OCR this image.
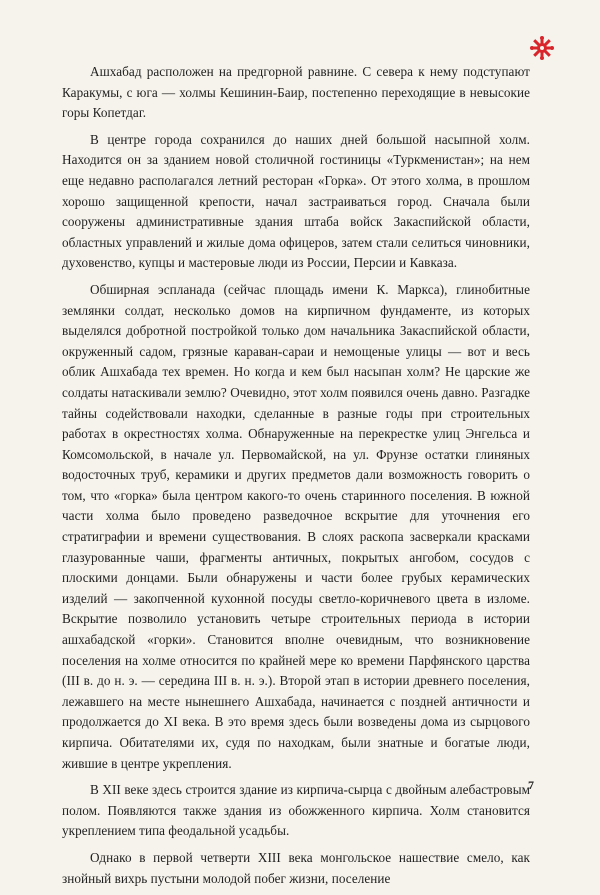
Ашхабад расположен на предгорной равнине. С севера к нему подступают Каракумы, с юга — холмы Кешинин-Баир, постепенно переходящие в невысокие горы Копетдаг.

В центре города сохранился до наших дней большой насыпной холм. Находится он за зданием новой столичной гостиницы «Туркменистан»; на нем еще недавно располагался летний ресторан «Горка». От этого холма, в прошлом хорошо защищенной крепости, начал застраиваться город. Сначала были сооружены административные здания штаба войск Закаспийской области, областных управлений и жилые дома офицеров, затем стали селиться чиновники, духовенство, купцы и мастеровые люди из России, Персии и Кавказа.

Обширная эспланада (сейчас площадь имени К. Маркса), глинобитные землянки солдат, несколько домов на кирпичном фундаменте, из которых выделялся добротной постройкой только дом начальника Закаспийской области, окруженный садом, грязные караван-сараи и немощеные улицы — вот и весь облик Ашхабада тех времен. Но когда и кем был насыпан холм? Не царские же солдаты натаскивали землю? Очевидно, этот холм появился очень давно. Разгадке тайны содействовали находки, сделанные в разные годы при строительных работах в окрестностях холма. Обнаруженные на перекрестке улиц Энгельса и Комсомольской, в начале ул. Первомайской, на ул. Фрунзе остатки глиняных водосточных труб, керамики и других предметов дали возможность говорить о том, что «горка» была центром какого-то очень старинного поселения. В южной части холма было проведено разведочное вскрытие для уточнения его стратиграфии и времени существования. В слоях раскопа засверкали красками глазурованные чаши, фрагменты античных, покрытых ангобом, сосудов с плоскими донцами. Были обнаружены и части более грубых керамических изделий — закопченной кухонной посуды светло-коричневого цвета в изломе. Вскрытие позволило установить четыре строительных периода в истории ашхабадской «горки». Становится вполне очевидным, что возникновение поселения на холме относится по крайней мере ко времени Парфянского царства (III в. до н. э. — середина III в. н. э.). Второй этап в истории древнего поселения, лежавшего на месте нынешнего Ашхабада, начинается с поздней античности и продолжается до XI века. В это время здесь были возведены дома из сырцового кирпича. Обитателями их, судя по находкам, были знатные и богатые люди, жившие в центре укрепления.

В XII веке здесь строится здание из кирпича-сырца с двойным алебастровым полом. Появляются также здания из обожженного кирпича. Холм становится укреплением типа феодальной усадьбы.

Однако в первой четверти XIII века монгольское нашествие смело, как знойный вихрь пустыни молодой побег жизни, поселение

7
